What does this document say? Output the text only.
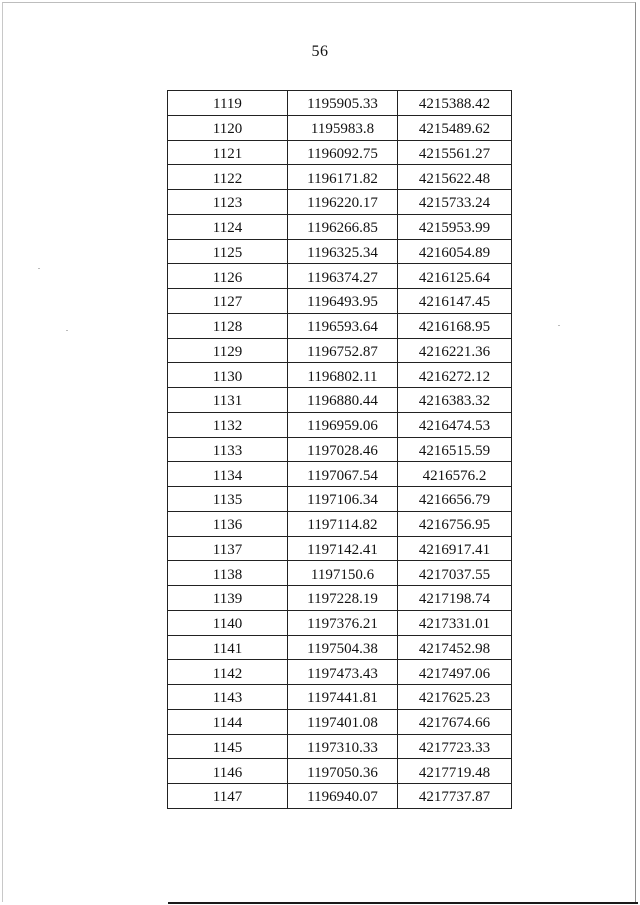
56
1119	1195905.33	4215388.42
1120	1195983.8	4215489.62
1121	1196092.75	4215561.27
1122	1196171.82	4215622.48
1123	1196220.17	4215733.24
1124	1196266.85	4215953.99
1125	1196325.34	4216054.89
1126	1196374.27	4216125.64
1127	1196493.95	4216147.45
1128	1196593.64	4216168.95
1129	1196752.87	4216221.36
1130	1196802.11	4216272.12
1131	1196880.44	4216383.32
1132	1196959.06	4216474.53
1133	1197028.46	4216515.59
1134	1197067.54	4216576.2
1135	1197106.34	4216656.79
1136	1197114.82	4216756.95
1137	1197142.41	4216917.41
1138	1197150.6	4217037.55
1139	1197228.19	4217198.74
1140	1197376.21	4217331.01
1141	1197504.38	4217452.98
1142	1197473.43	4217497.06
1143	1197441.81	4217625.23
1144	1197401.08	4217674.66
1145	1197310.33	4217723.33
1146	1197050.36	4217719.48
1147	1196940.07	4217737.87
